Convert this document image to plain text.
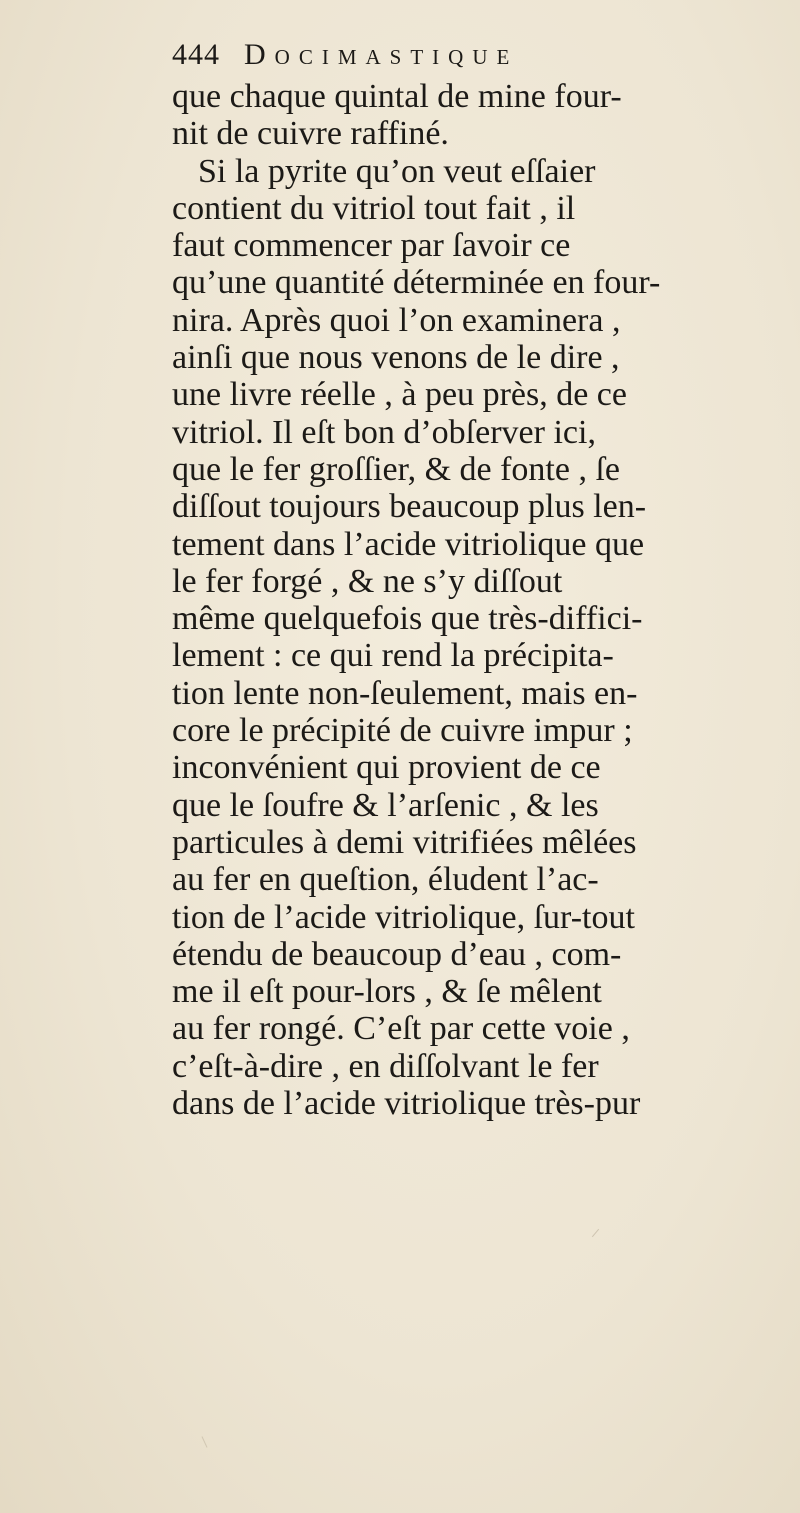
444 Docimastique
que chaque quintal de mine four-
nit de cuivre raffiné.
Si la pyrite qu’on veut eſſaier
contient du vitriol tout fait , il
faut commencer par ſavoir ce
qu’une quantité déterminée en four-
nira. Après quoi l’on examinera ,
ainſi que nous venons de le dire ,
une livre réelle , à peu près, de ce
vitriol. Il eſt bon d’obſerver ici,
que le fer groſſier, & de fonte , ſe
diſſout toujours beaucoup plus len-
tement dans l’acide vitriolique que
le fer forgé , & ne s’y diſſout
même quelquefois que très-diffici-
lement : ce qui rend la précipita-
tion lente non-ſeulement, mais en-
core le précipité de cuivre impur ;
inconvénient qui provient de ce
que le ſoufre & l’arſenic , & les
particules à demi vitrifiées mêlées
au fer en queſtion, éludent l’ac-
tion de l’acide vitriolique, ſur-tout
étendu de beaucoup d’eau , com-
me il eſt pour-lors , & ſe mêlent
au fer rongé. C’eſt par cette voie ,
c’eſt-à-dire , en diſſolvant le fer
dans de l’acide vitriolique très-pur
